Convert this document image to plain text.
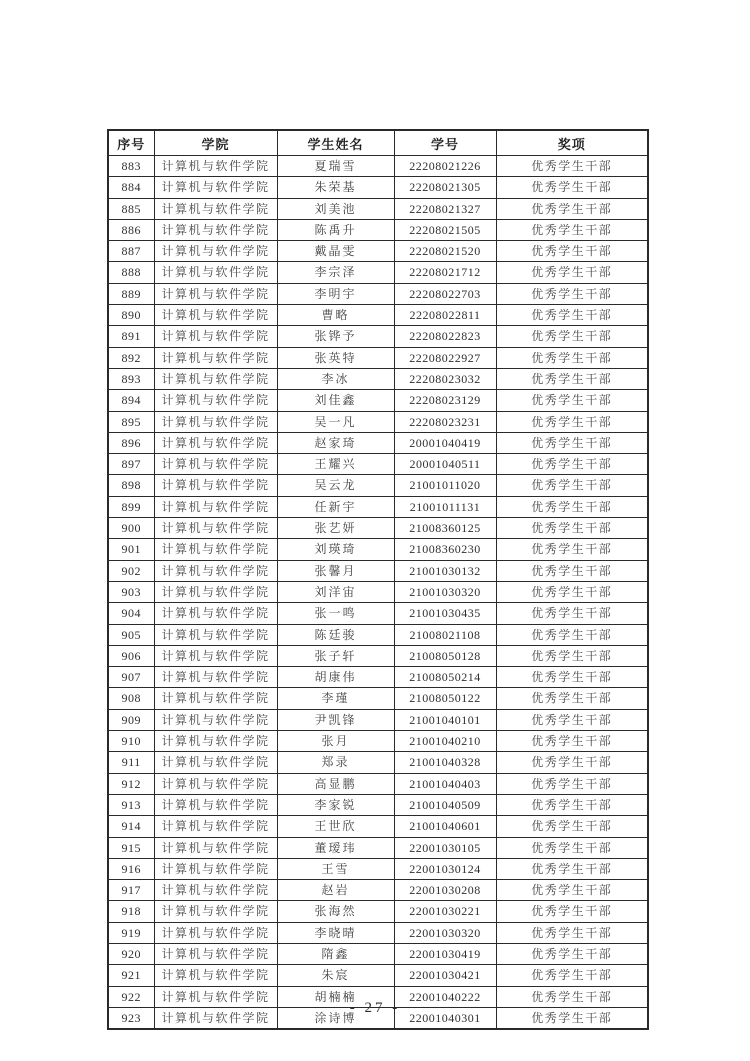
序号	学院	学生姓名	学号	奖项
883	计算机与软件学院	夏瑞雪	22208021226	优秀学生干部
884	计算机与软件学院	朱荣基	22208021305	优秀学生干部
885	计算机与软件学院	刘美池	22208021327	优秀学生干部
886	计算机与软件学院	陈禹升	22208021505	优秀学生干部
887	计算机与软件学院	戴晶雯	22208021520	优秀学生干部
888	计算机与软件学院	李宗泽	22208021712	优秀学生干部
889	计算机与软件学院	李明宇	22208022703	优秀学生干部
890	计算机与软件学院	曹略	22208022811	优秀学生干部
891	计算机与软件学院	张铧予	22208022823	优秀学生干部
892	计算机与软件学院	张英特	22208022927	优秀学生干部
893	计算机与软件学院	李冰	22208023032	优秀学生干部
894	计算机与软件学院	刘佳鑫	22208023129	优秀学生干部
895	计算机与软件学院	吴一凡	22208023231	优秀学生干部
896	计算机与软件学院	赵家琦	20001040419	优秀学生干部
897	计算机与软件学院	王耀兴	20001040511	优秀学生干部
898	计算机与软件学院	吴云龙	21001011020	优秀学生干部
899	计算机与软件学院	任新宇	21001011131	优秀学生干部
900	计算机与软件学院	张艺妍	21008360125	优秀学生干部
901	计算机与软件学院	刘瑛琦	21008360230	优秀学生干部
902	计算机与软件学院	张馨月	21001030132	优秀学生干部
903	计算机与软件学院	刘洋宙	21001030320	优秀学生干部
904	计算机与软件学院	张一鸣	21001030435	优秀学生干部
905	计算机与软件学院	陈廷骏	21008021108	优秀学生干部
906	计算机与软件学院	张子轩	21008050128	优秀学生干部
907	计算机与软件学院	胡康伟	21008050214	优秀学生干部
908	计算机与软件学院	李瑾	21008050122	优秀学生干部
909	计算机与软件学院	尹凯锋	21001040101	优秀学生干部
910	计算机与软件学院	张月	21001040210	优秀学生干部
911	计算机与软件学院	郑录	21001040328	优秀学生干部
912	计算机与软件学院	高显鹏	21001040403	优秀学生干部
913	计算机与软件学院	李家锐	21001040509	优秀学生干部
914	计算机与软件学院	王世欣	21001040601	优秀学生干部
915	计算机与软件学院	董瑷玮	22001030105	优秀学生干部
916	计算机与软件学院	王雪	22001030124	优秀学生干部
917	计算机与软件学院	赵岩	22001030208	优秀学生干部
918	计算机与软件学院	张海然	22001030221	优秀学生干部
919	计算机与软件学院	李晓晴	22001030320	优秀学生干部
920	计算机与软件学院	隋鑫	22001030419	优秀学生干部
921	计算机与软件学院	朱宸	22001030421	优秀学生干部
922	计算机与软件学院	胡楠楠	22001040222	优秀学生干部
923	计算机与软件学院	涂诗博	22001040301	优秀学生干部
- 27 -
